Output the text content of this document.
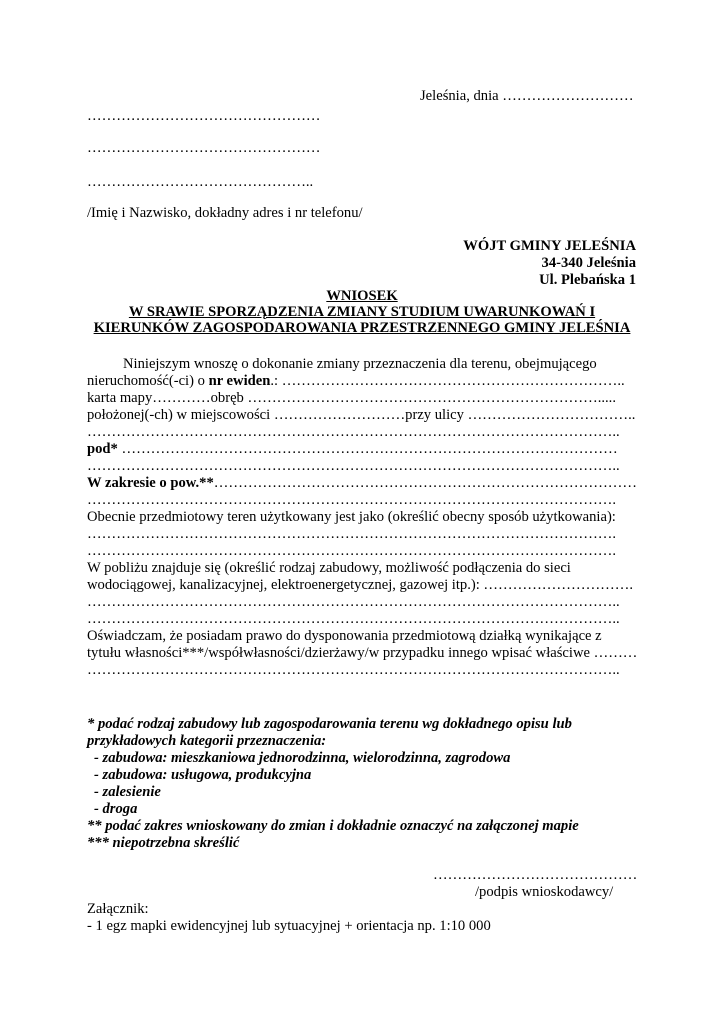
Jeleśnia, dnia ………………………
…………………………………………
…………………………………………
………………………………………..
/Imię i Nazwisko, dokładny adres i nr telefonu/
WÓJT GMINY JELEŚNIA
34-340 Jeleśnia
Ul. Plebańska 1
WNIOSEK
W SRAWIE SPORZĄDZENIA ZMIANY STUDIUM UWARUNKOWAŃ I
KIERUNKÓW ZAGOSPODAROWANIA PRZESTRZENNEGO GMINY JELEŚNIA
Niniejszym wnoszę o dokonanie zmiany przeznaczenia dla terenu, obejmującego
nieruchomość(-ci) o nr ewiden.: ……………………………………………………………..
karta mapy…………obręb ……………………………………………………………….....
położonej(-ch) w miejscowości ………………………przy ulicy ……………………………..
………………………………………………………………………………………………..
pod* …………………………………………………………………………………………
………………………………………………………………………………………………..
W zakresie o pow.**……………………………………………………………………………
……………………………………………………………………………………………….
Obecnie przedmiotowy teren użytkowany jest jako (określić obecny sposób użytkowania):
……………………………………………………………………………………………….
……………………………………………………………………………………………….
W pobliżu znajduje się (określić rodzaj zabudowy, możliwość podłączenia do sieci
wodociągowej, kanalizacyjnej, elektroenergetycznej, gazowej itp.): ………………………….
………………………………………………………………………………………………..
………………………………………………………………………………………………..
Oświadczam, że posiadam prawo do dysponowania przedmiotową działką wynikające z
tytułu własności***/współwłasności/dzierżawy/w przypadku innego wpisać właściwe ………
………………………………………………………………………………………………..
* podać rodzaj zabudowy lub zagospodarowania terenu wg dokładnego opisu lub
przykładowych kategorii przeznaczenia:
- zabudowa: mieszkaniowa jednorodzinna, wielorodzinna, zagrodowa
- zabudowa: usługowa, produkcyjna
- zalesienie
- droga
** podać zakres wnioskowany do zmian i dokładnie oznaczyć na załączonej mapie
*** niepotrzebna skreślić
……………………………………
/podpis wnioskodawcy/
Załącznik:
- 1 egz mapki ewidencyjnej lub sytuacyjnej + orientacja np. 1:10 000
